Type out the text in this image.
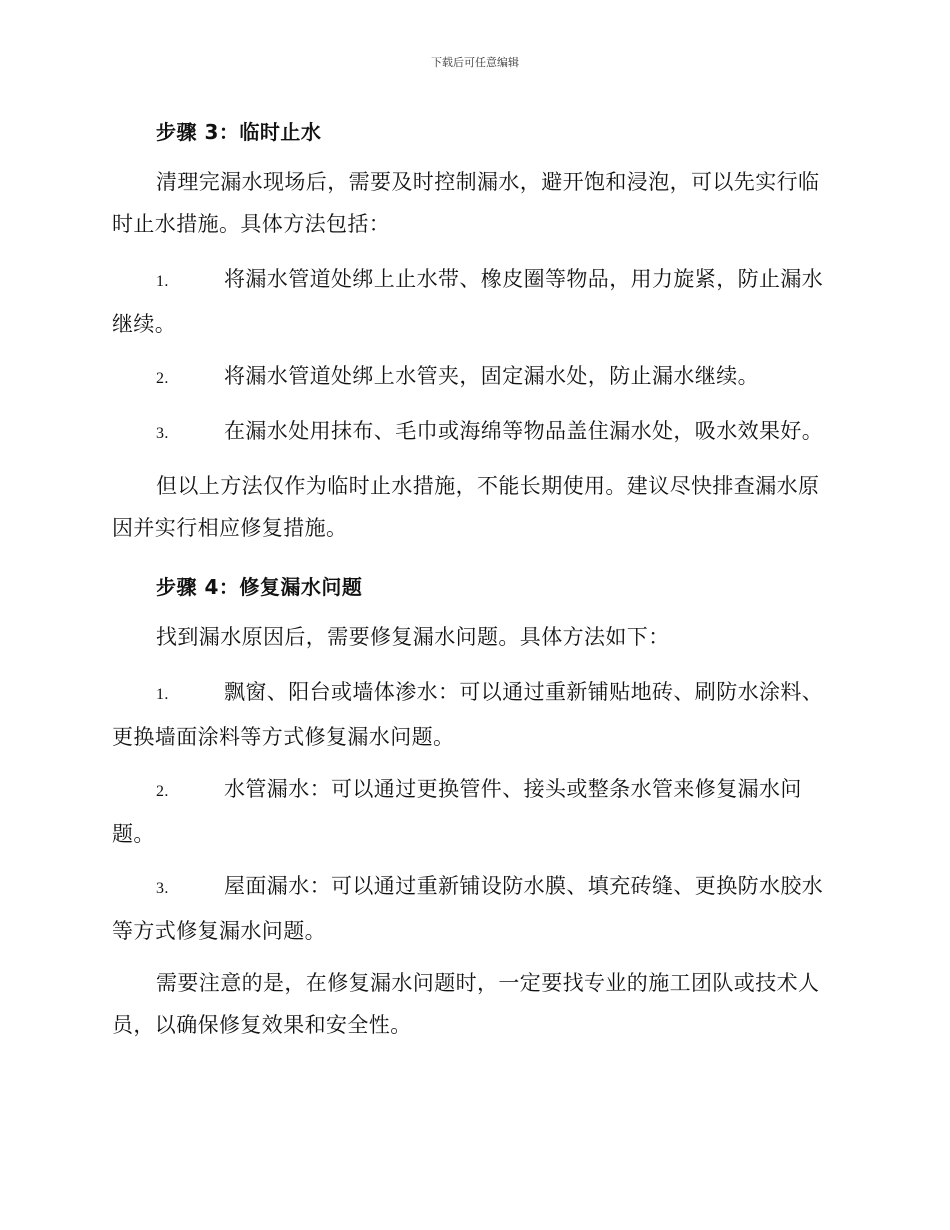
下载后可任意编辑
步骤 3：临时止水
清理完漏水现场后，需要及时控制漏水，避开饱和浸泡，可以先实行临时止水措施。具体方法包括：
1.	将漏水管道处绑上止水带、橡皮圈等物品，用力旋紧，防止漏水继续。
2.	将漏水管道处绑上水管夹，固定漏水处，防止漏水继续。
3.	在漏水处用抹布、毛巾或海绵等物品盖住漏水处，吸水效果好。
但以上方法仅作为临时止水措施，不能长期使用。建议尽快排查漏水原因并实行相应修复措施。
步骤 4：修复漏水问题
找到漏水原因后，需要修复漏水问题。具体方法如下：
1.	飘窗、阳台或墙体渗水：可以通过重新铺贴地砖、刷防水涂料、更换墙面涂料等方式修复漏水问题。
2.	水管漏水：可以通过更换管件、接头或整条水管来修复漏水问题。
3.	屋面漏水：可以通过重新铺设防水膜、填充砖缝、更换防水胶水等方式修复漏水问题。
需要注意的是，在修复漏水问题时，一定要找专业的施工团队或技术人员，以确保修复效果和安全性。
